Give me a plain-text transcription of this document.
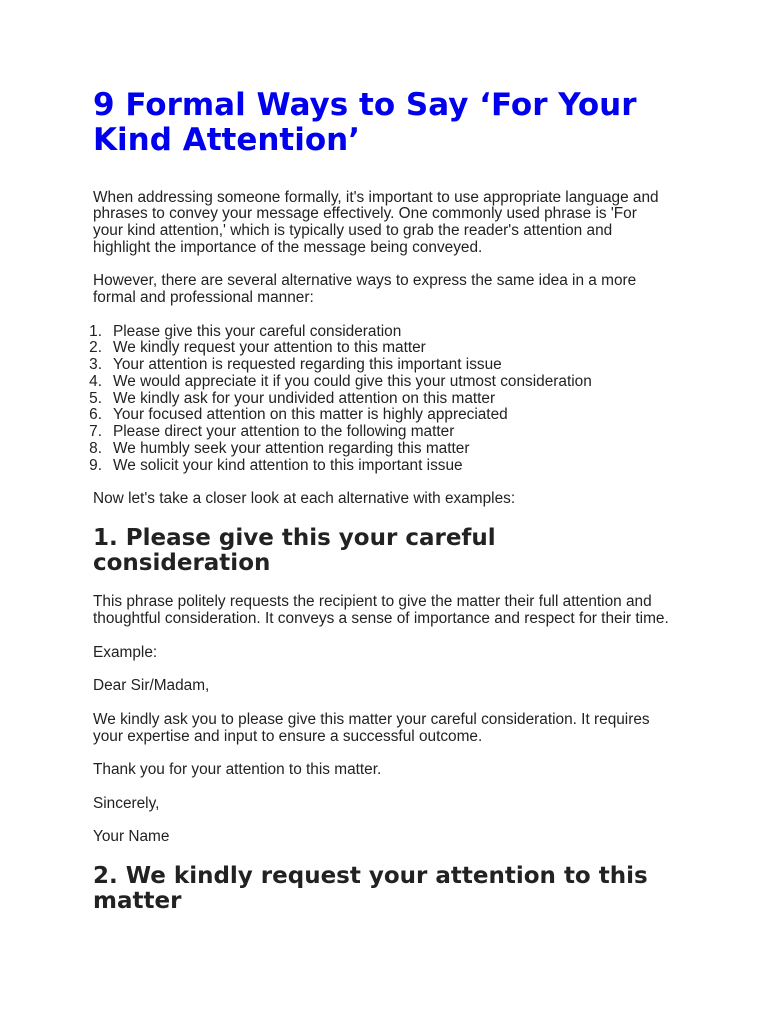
9 Formal Ways to Say ‘For Your
Kind Attention’

When addressing someone formally, it's important to use appropriate language and
phrases to convey your message effectively. One commonly used phrase is 'For
your kind attention,' which is typically used to grab the reader's attention and
highlight the importance of the message being conveyed.

However, there are several alternative ways to express the same idea in a more
formal and professional manner:

1. Please give this your careful consideration
2. We kindly request your attention to this matter
3. Your attention is requested regarding this important issue
4. We would appreciate it if you could give this your utmost consideration
5. We kindly ask for your undivided attention on this matter
6. Your focused attention on this matter is highly appreciated
7. Please direct your attention to the following matter
8. We humbly seek your attention regarding this matter
9. We solicit your kind attention to this important issue

Now let's take a closer look at each alternative with examples:

1. Please give this your careful
consideration

This phrase politely requests the recipient to give the matter their full attention and
thoughtful consideration. It conveys a sense of importance and respect for their time.

Example:

Dear Sir/Madam,

We kindly ask you to please give this matter your careful consideration. It requires
your expertise and input to ensure a successful outcome.

Thank you for your attention to this matter.

Sincerely,

Your Name

2. We kindly request your attention to this
matter
